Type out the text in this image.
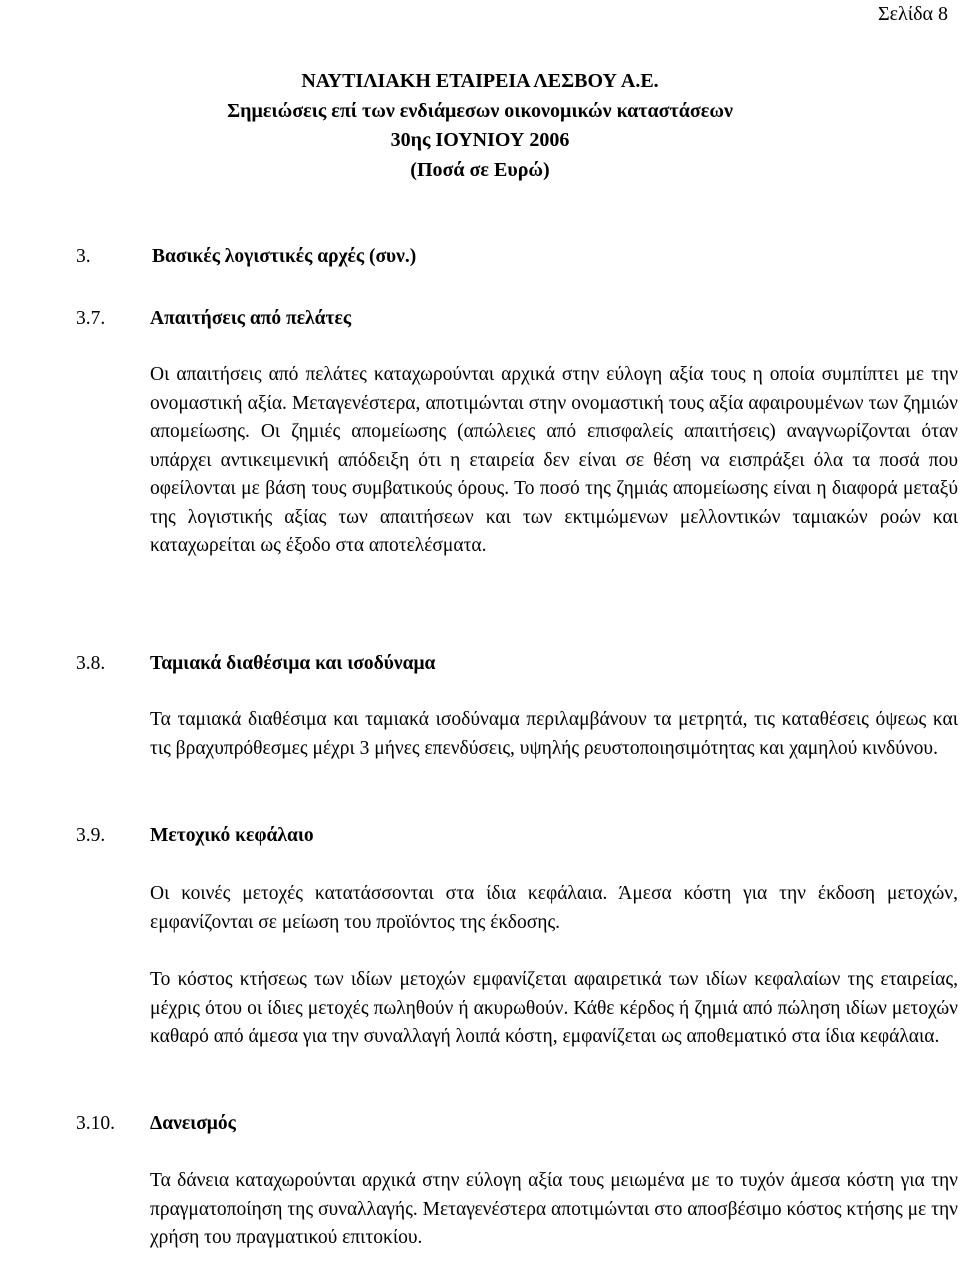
Σελίδα 8
ΝΑΥΤΙΛΙΑΚΗ ΕΤΑΙΡΕΙΑ ΛΕΣΒΟΥ Α.Ε.
Σημειώσεις επί των ενδιάμεσων οικονομικών καταστάσεων
30ης ΙΟΥΝΙΟΥ 2006
(Ποσά σε Ευρώ)
3.	Βασικές λογιστικές αρχές (συν.)
3.7. Απαιτήσεις από πελάτες

Οι απαιτήσεις από πελάτες καταχωρούνται αρχικά στην εύλογη αξία τους η οποία συμπίπτει με την ονομαστική αξία. Μεταγενέστερα, αποτιμώνται στην ονομαστική τους αξία αφαιρουμένων των ζημιών απομείωσης. Οι ζημιές απομείωσης (απώλειες από επισφαλείς απαιτήσεις) αναγνωρίζονται όταν υπάρχει αντικειμενική απόδειξη ότι η εταιρεία δεν είναι σε θέση να εισπράξει όλα τα ποσά που οφείλονται με βάση τους συμβατικούς όρους. Το ποσό της ζημιάς απομείωσης είναι η διαφορά μεταξύ της λογιστικής αξίας των απαιτήσεων και των εκτιμώμενων μελλοντικών ταμιακών ροών και καταχωρείται ως έξοδο στα αποτελέσματα.

3.8. Ταμιακά διαθέσιμα και ισοδύναμα

Τα ταμιακά διαθέσιμα και ταμιακά ισοδύναμα περιλαμβάνουν τα μετρητά, τις καταθέσεις όψεως και τις βραχυπρόθεσμες μέχρι 3 μήνες επενδύσεις, υψηλής ρευστοποιησιμότητας και χαμηλού κινδύνου.

3.9. Μετοχικό κεφάλαιο

Οι κοινές μετοχές κατατάσσονται στα ίδια κεφάλαια. Άμεσα κόστη για την έκδοση μετοχών, εμφανίζονται σε μείωση του προϊόντος της έκδοσης.

Το κόστος κτήσεως των ιδίων μετοχών εμφανίζεται αφαιρετικά των ιδίων κεφαλαίων της εταιρείας, μέχρις ότου οι ίδιες μετοχές πωληθούν ή ακυρωθούν. Κάθε κέρδος ή ζημιά από πώληση ιδίων μετοχών καθαρό από άμεσα για την συναλλαγή λοιπά κόστη, εμφανίζεται ως αποθεματικό στα ίδια κεφάλαια.

3.10. Δανεισμός

Τα δάνεια καταχωρούνται αρχικά στην εύλογη αξία τους μειωμένα με το τυχόν άμεσα κόστη για την πραγματοποίηση της συναλλαγής. Μεταγενέστερα αποτιμώνται στο αποσβέσιμο κόστος κτήσης με την χρήση του πραγματικού επιτοκίου.
